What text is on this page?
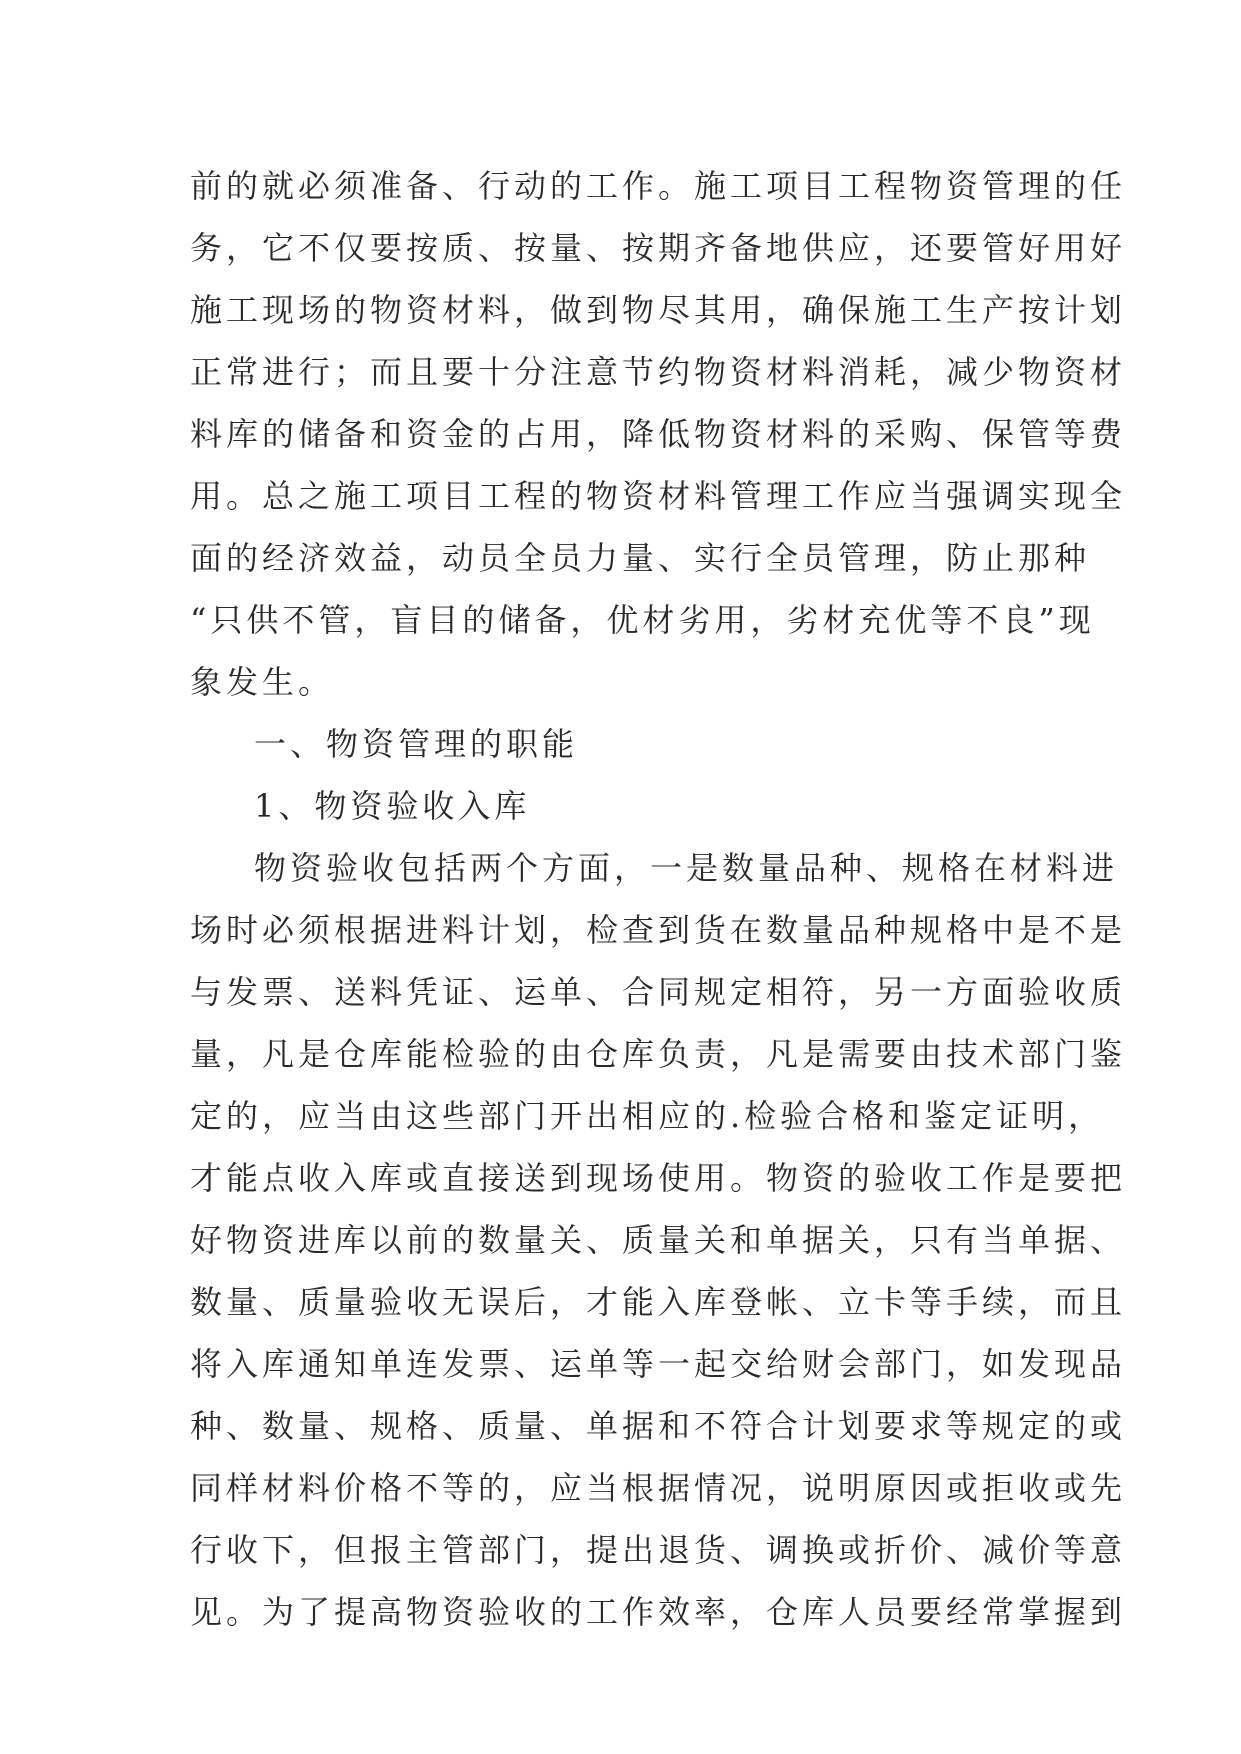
前的就必须准备、行动的工作。施工项目工程物资管理的任
务，它不仅要按质、按量、按期齐备地供应，还要管好用好
施工现场的物资材料，做到物尽其用，确保施工生产按计划
正常进行；而且要十分注意节约物资材料消耗，减少物资材
料库的储备和资金的占用，降低物资材料的采购、保管等费
用。总之施工项目工程的物资材料管理工作应当强调实现全
面的经济效益，动员全员力量、实行全员管理，防止那种
“只供不管，盲目的储备，优材劣用，劣材充优等不良”现
象发生。
一、物资管理的职能
1、物资验收入库
物资验收包括两个方面，一是数量品种、规格在材料进
场时必须根据进料计划，检查到货在数量品种规格中是不是
与发票、送料凭证、运单、合同规定相符，另一方面验收质
量，凡是仓库能检验的由仓库负责，凡是需要由技术部门鉴
定的，应当由这些部门开出相应的.检验合格和鉴定证明，
才能点收入库或直接送到现场使用。物资的验收工作是要把
好物资进库以前的数量关、质量关和单据关，只有当单据、
数量、质量验收无误后，才能入库登帐、立卡等手续，而且
将入库通知单连发票、运单等一起交给财会部门，如发现品
种、数量、规格、质量、单据和不符合计划要求等规定的或
同样材料价格不等的，应当根据情况，说明原因或拒收或先
行收下，但报主管部门，提出退货、调换或折价、减价等意
见。为了提高物资验收的工作效率，仓库人员要经常掌握到
